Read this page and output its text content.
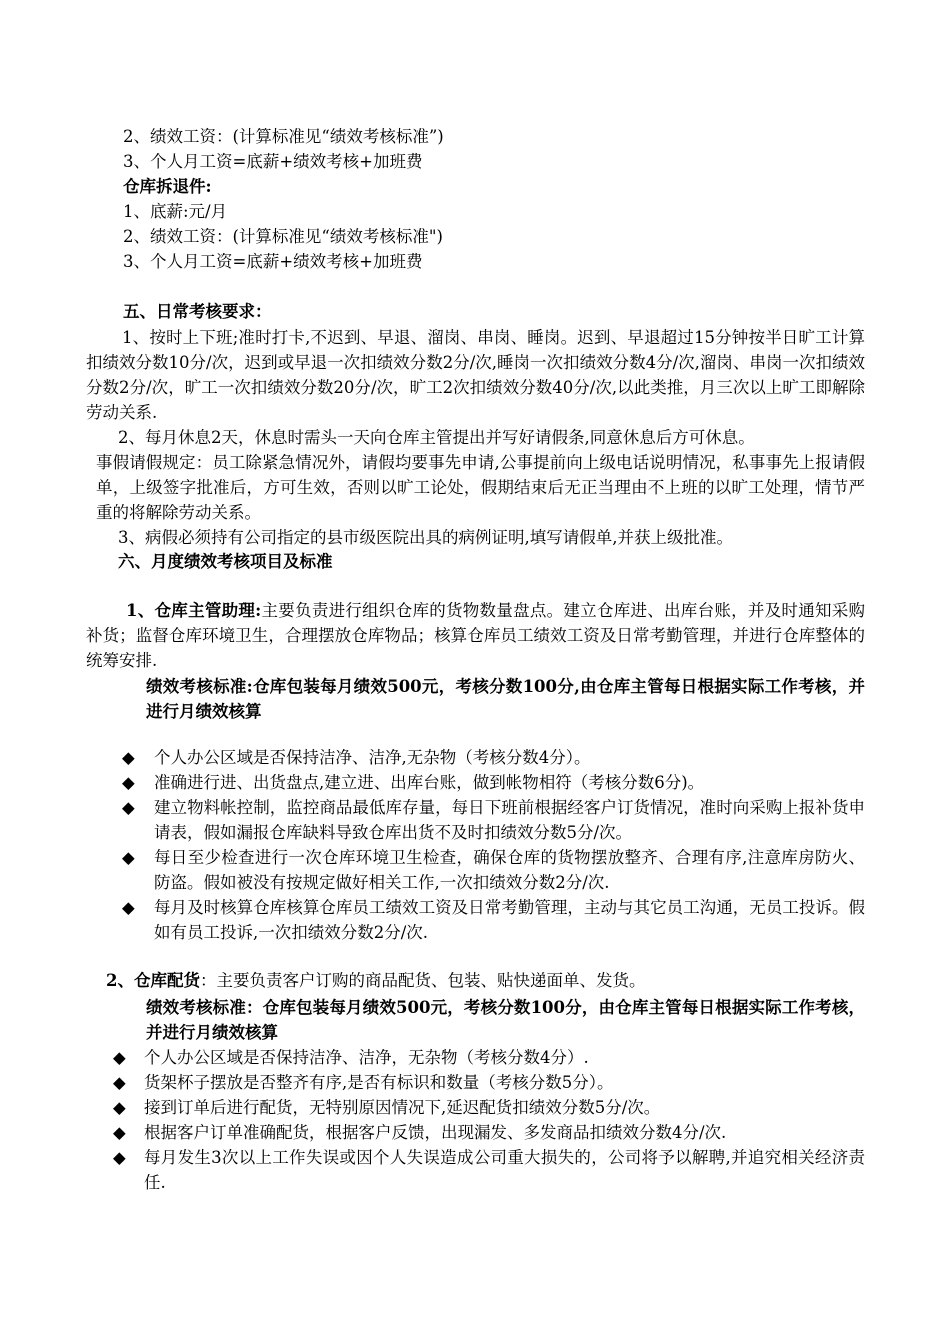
2、绩效工资：(计算标准见“绩效考核标准”)
3、个人月工资=底薪+绩效考核+加班费
仓库拆退件:
1、底薪:元/月
2、绩效工资：(计算标准见“绩效考核标准")
3、个人月工资=底薪+绩效考核+加班费
五、日常考核要求：
1、按时上下班;准时打卡,不迟到、早退、溜岗、串岗、睡岗。迟到、早退超过15分钟按半日旷工计算扣绩效分数10分/次，迟到或早退一次扣绩效分数2分/次,睡岗一次扣绩效分数4分/次,溜岗、串岗一次扣绩效分数2分/次，旷工一次扣绩效分数20分/次，旷工2次扣绩效分数40分/次,以此类推，月三次以上旷工即解除劳动关系.
2、每月休息2天，休息时需头一天向仓库主管提出并写好请假条,同意休息后方可休息。
事假请假规定：员工除紧急情况外，请假均要事先申请,公事提前向上级电话说明情况，私事事先上报请假单，上级签字批准后，方可生效，否则以旷工论处，假期结束后无正当理由不上班的以旷工处理，情节严重的将解除劳动关系。
3、病假必须持有公司指定的县市级医院出具的病例证明,填写请假单,并获上级批准。
六、月度绩效考核项目及标准
1、仓库主管助理:主要负责进行组织仓库的货物数量盘点。建立仓库进、出库台账，并及时通知采购补货；监督仓库环境卫生，合理摆放仓库物品；核算仓库员工绩效工资及日常考勤管理，并进行仓库整体的统筹安排.
绩效考核标准:仓库包装每月绩效500元，考核分数100分,由仓库主管每日根据实际工作考核，并进行月绩效核算
◆	个人办公区域是否保持洁净、洁净,无杂物（考核分数4分）。
◆	准确进行进、出货盘点,建立进、出库台账，做到帐物相符（考核分数6分)。
◆	建立物料帐控制，监控商品最低库存量，每日下班前根据经客户订货情况，准时向采购上报补货申请表，假如漏报仓库缺料导致仓库出货不及时扣绩效分数5分/次。
◆	每日至少检查进行一次仓库环境卫生检查，确保仓库的货物摆放整齐、合理有序,注意库房防火、防盗。假如被没有按规定做好相关工作,一次扣绩效分数2分/次.
◆	每月及时核算仓库核算仓库员工绩效工资及日常考勤管理，主动与其它员工沟通，无员工投诉。假如有员工投诉,一次扣绩效分数2分/次.
2、仓库配货：主要负责客户订购的商品配货、包装、贴快递面单、发货。
绩效考核标准：仓库包装每月绩效500元，考核分数100分，由仓库主管每日根据实际工作考核，并进行月绩效核算
◆	个人办公区域是否保持洁净、洁净，无杂物（考核分数4分）.
◆	货架杯子摆放是否整齐有序,是否有标识和数量（考核分数5分）。
◆	接到订单后进行配货，无特别原因情况下,延迟配货扣绩效分数5分/次。
◆	根据客户订单准确配货，根据客户反馈，出现漏发、多发商品扣绩效分数4分/次.
◆	每月发生3次以上工作失误或因个人失误造成公司重大损失的，公司将予以解聘,并追究相关经济责任.
